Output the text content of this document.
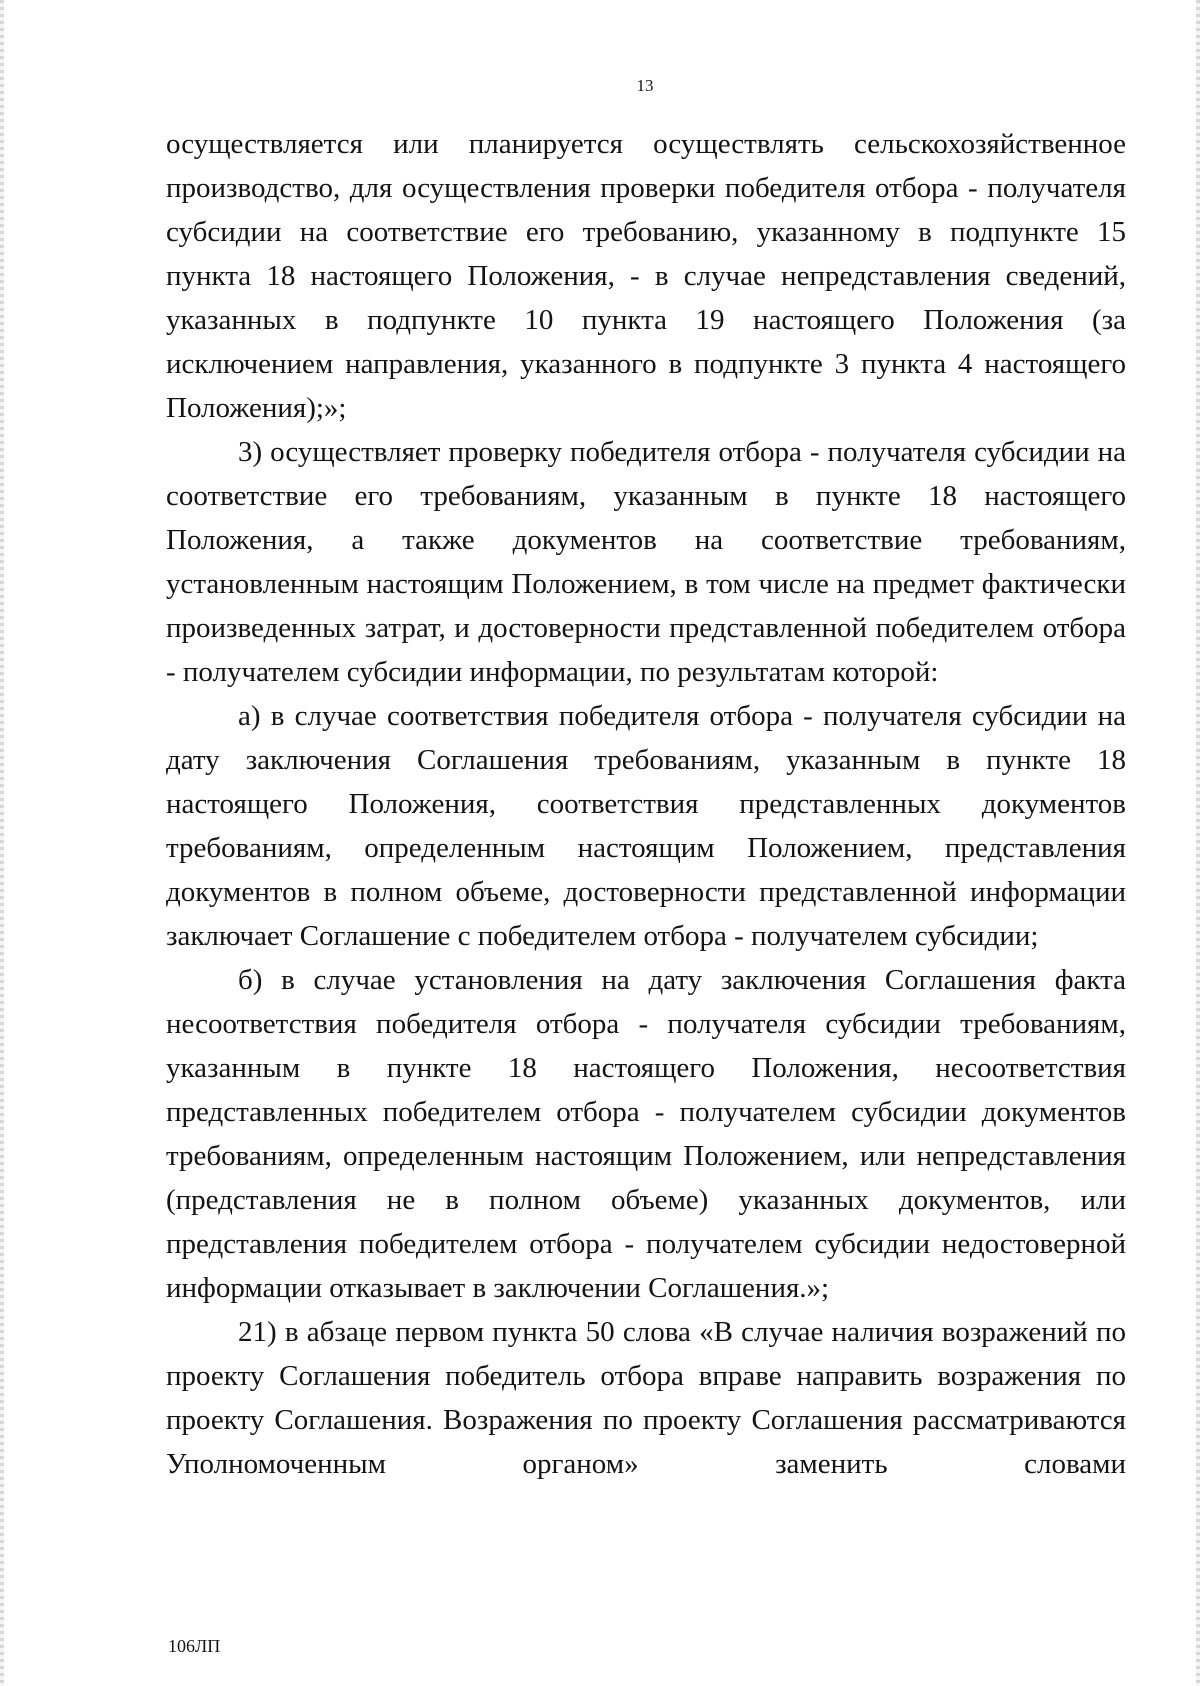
13

осуществляется или планируется осуществлять сельскохозяйственное производство, для осуществления проверки победителя отбора - получателя субсидии на соответствие его требованию, указанному в подпункте 15 пункта 18 настоящего Положения, - в случае непредставления сведений, указанных в подпункте 10 пункта 19 настоящего Положения (за исключением направления, указанного в подпункте 3 пункта 4 настоящего Положения);»;

3) осуществляет проверку победителя отбора - получателя субсидии на соответствие его требованиям, указанным в пункте 18 настоящего Положения, а также документов на соответствие требованиям, установленным настоящим Положением, в том числе на предмет фактически произведенных затрат, и достоверности представленной победителем отбора - получателем субсидии информации, по результатам которой:

а) в случае соответствия победителя отбора - получателя субсидии на дату заключения Соглашения требованиям, указанным в пункте 18 настоящего Положения, соответствия представленных документов требованиям, определенным настоящим Положением, представления документов в полном объеме, достоверности представленной информации заключает Соглашение с победителем отбора - получателем субсидии;

б) в случае установления на дату заключения Соглашения факта несоответствия победителя отбора - получателя субсидии требованиям, указанным в пункте 18 настоящего Положения, несоответствия представленных победителем отбора - получателем субсидии документов требованиям, определенным настоящим Положением, или непредставления (представления не в полном объеме) указанных документов, или представления победителем отбора - получателем субсидии недостоверной информации отказывает в заключении Соглашения.»;

21) в абзаце первом пункта 50 слова «В случае наличия возражений по проекту Соглашения победитель отбора вправе направить возражения по проекту Соглашения. Возражения по проекту Соглашения рассматриваются Уполномоченным органом» заменить словами

106ЛП
